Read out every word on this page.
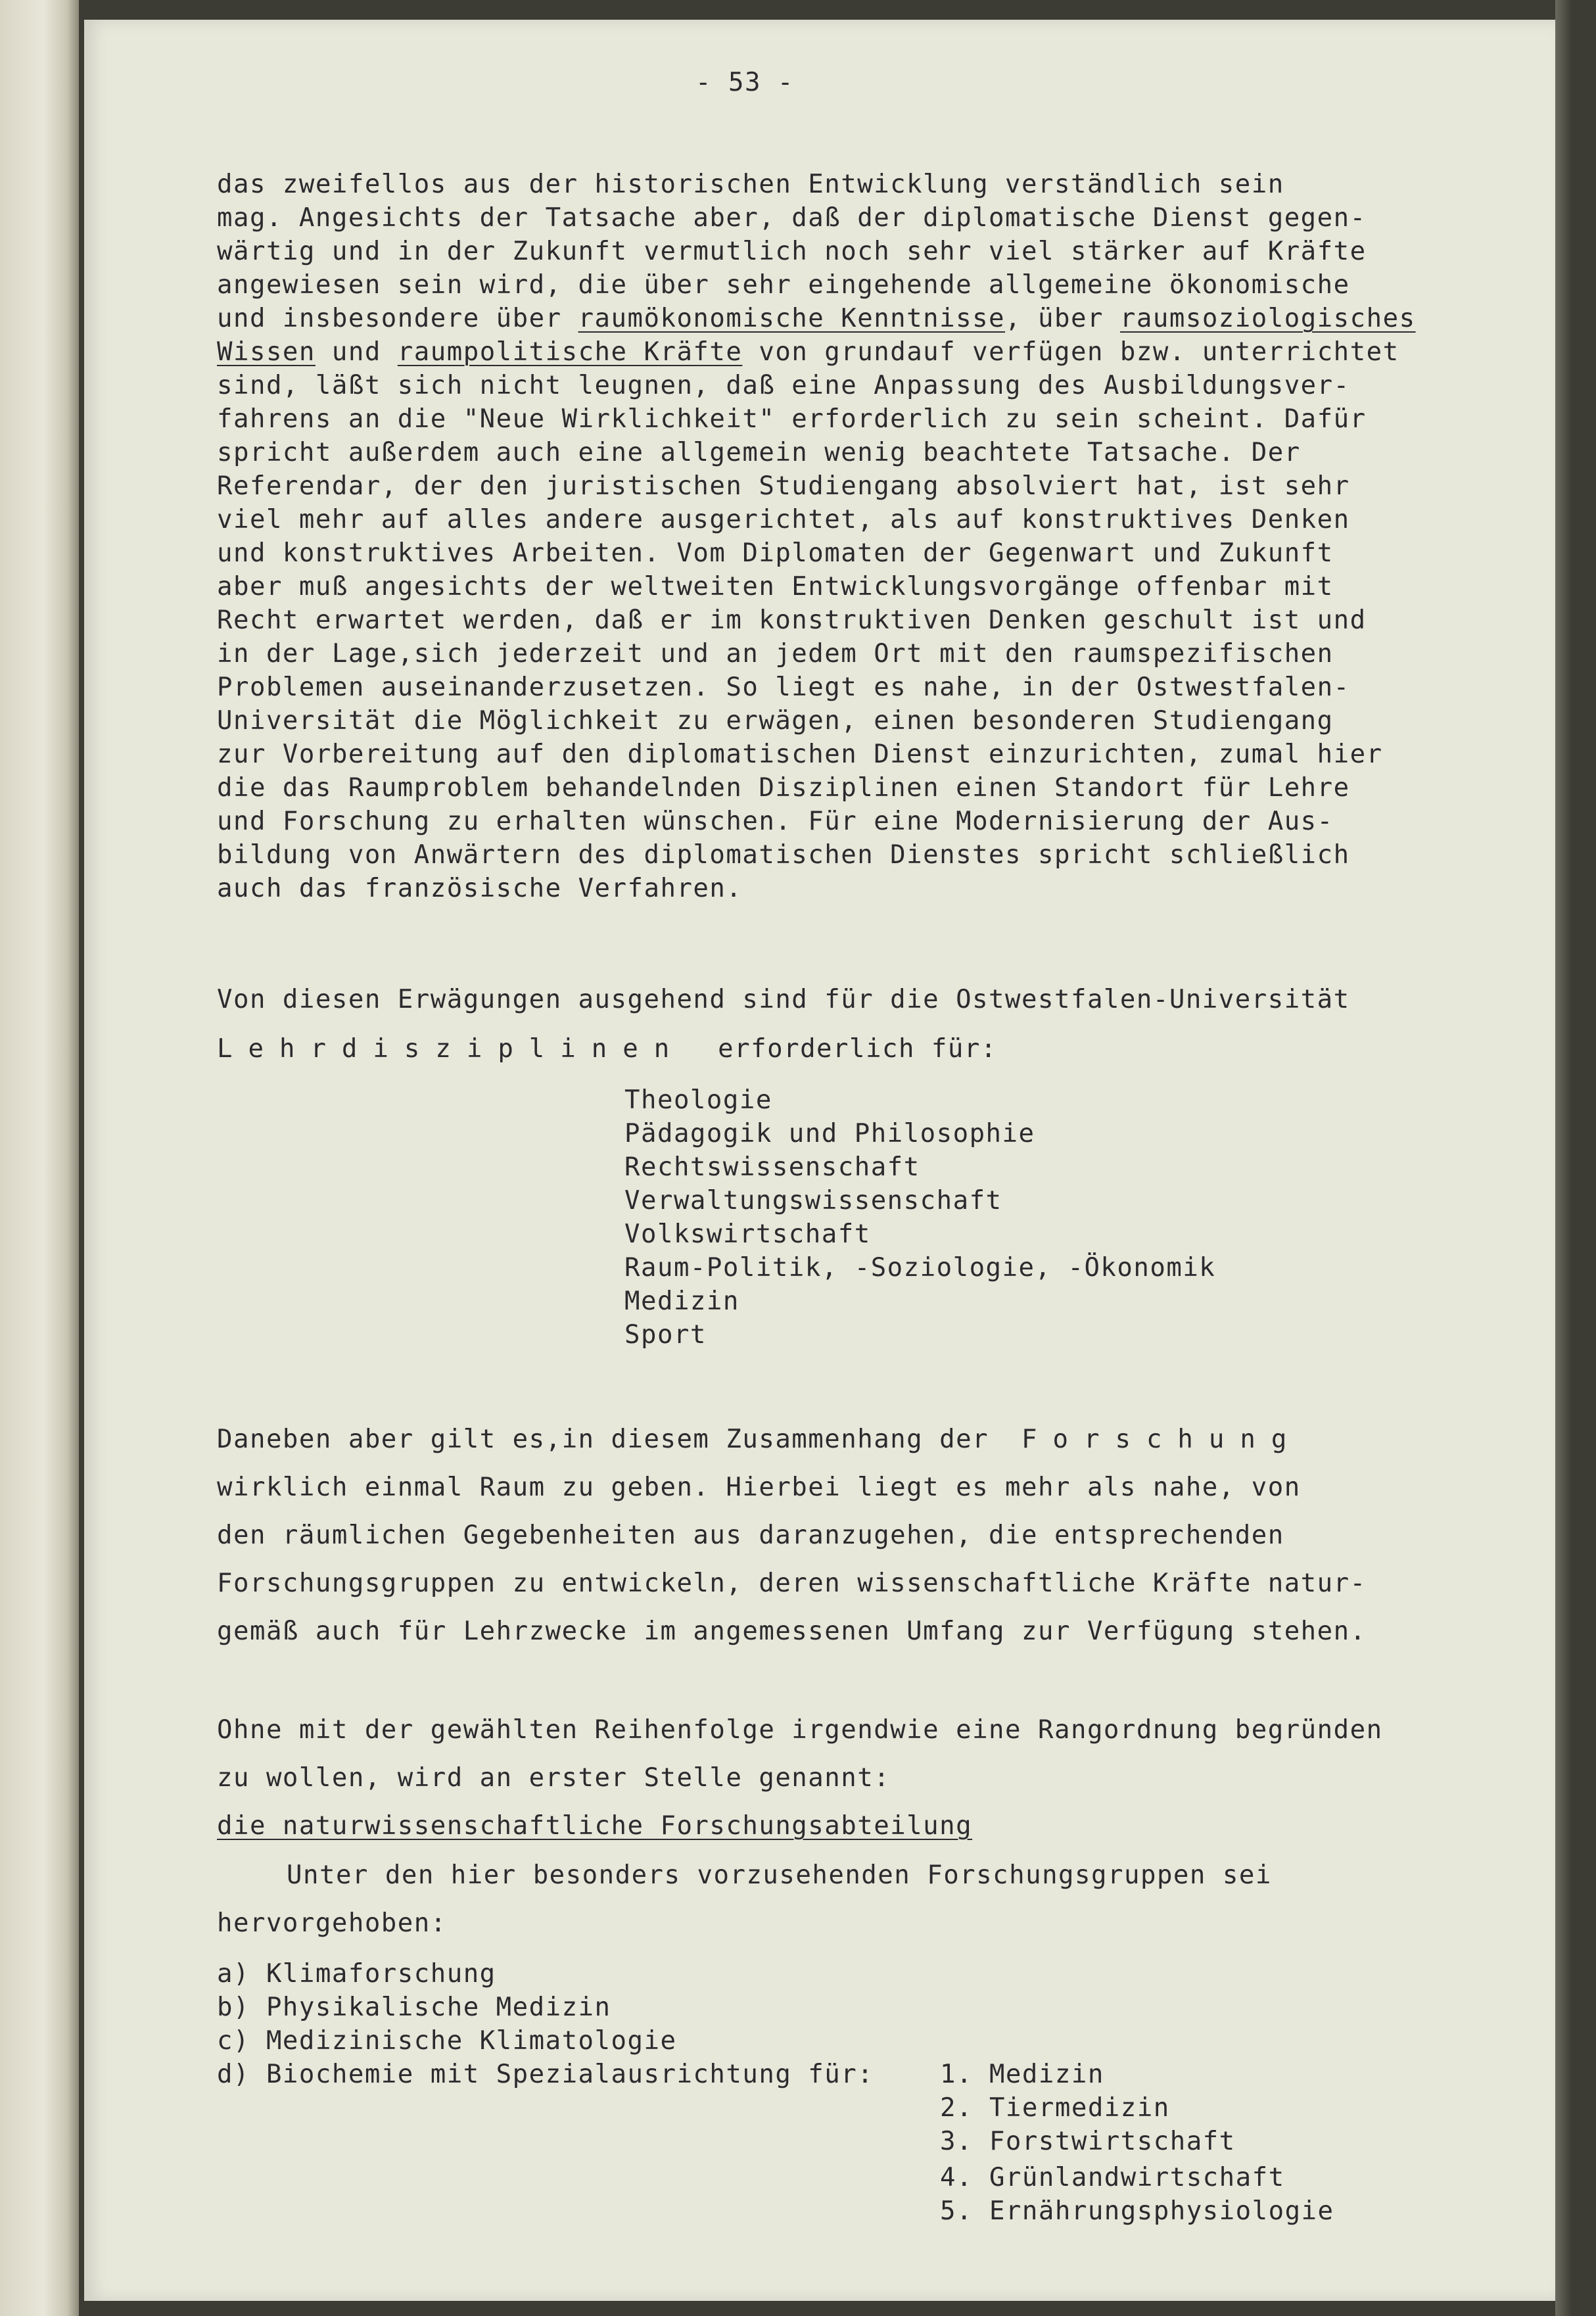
- 53 -

das zweifellos aus der historischen Entwicklung verständlich sein

mag. Angesichts der Tatsache aber, daß der diplomatische Dienst gegen-

wärtig und in der Zukunft vermutlich noch sehr viel stärker auf Kräfte

angewiesen sein wird, die über sehr eingehende allgemeine ökonomische

und insbesondere über raumökonomische Kenntnisse, über raumsoziologisches

Wissen und raumpolitische Kräfte von grundauf verfügen bzw. unterrichtet

sind, läßt sich nicht leugnen, daß eine Anpassung des Ausbildungsver-

fahrens an die "Neue Wirklichkeit" erforderlich zu sein scheint. Dafür

spricht außerdem auch eine allgemein wenig beachtete Tatsache. Der

Referendar, der den juristischen Studiengang absolviert hat, ist sehr

viel mehr auf alles andere ausgerichtet, als auf konstruktives Denken

und konstruktives Arbeiten. Vom Diplomaten der Gegenwart und Zukunft

aber muß angesichts der weltweiten Entwicklungsvorgänge offenbar mit

Recht erwartet werden, daß er im konstruktiven Denken geschult ist und

in der Lage,sich jederzeit und an jedem Ort mit den raumspezifischen

Problemen auseinanderzusetzen. So liegt es nahe, in der Ostwestfalen-

Universität die Möglichkeit zu erwägen, einen besonderen Studiengang

zur Vorbereitung auf den diplomatischen Dienst einzurichten, zumal hier

die das Raumproblem behandelnden Disziplinen einen Standort für Lehre

und Forschung zu erhalten wünschen. Für eine Modernisierung der Aus-

bildung von Anwärtern des diplomatischen Dienstes spricht schließlich

auch das französische Verfahren.

Von diesen Erwägungen ausgehend sind für die Ostwestfalen-Universität

Lehrdisziplinen erforderlich für:

Theologie

Pädagogik und Philosophie

Rechtswissenschaft

Verwaltungswissenschaft

Volkswirtschaft

Raum-Politik, -Soziologie, -Ökonomik

Medizin

Sport

Daneben aber gilt es,in diesem Zusammenhang der Forschung

wirklich einmal Raum zu geben. Hierbei liegt es mehr als nahe, von

den räumlichen Gegebenheiten aus daranzugehen, die entsprechenden

Forschungsgruppen zu entwickeln, deren wissenschaftliche Kräfte natur-

gemäß auch für Lehrzwecke im angemessenen Umfang zur Verfügung stehen.

Ohne mit der gewählten Reihenfolge irgendwie eine Rangordnung begründen

zu wollen, wird an erster Stelle genannt:

die naturwissenschaftliche Forschungsabteilung

Unter den hier besonders vorzusehenden Forschungsgruppen sei

hervorgehoben:

a) Klimaforschung

b) Physikalische Medizin

c) Medizinische Klimatologie

d) Biochemie mit Spezialausrichtung für:	1. Medizin

2. Tiermedizin

3. Forstwirtschaft

4. Grünlandwirtschaft

5. Ernährungsphysiologie
